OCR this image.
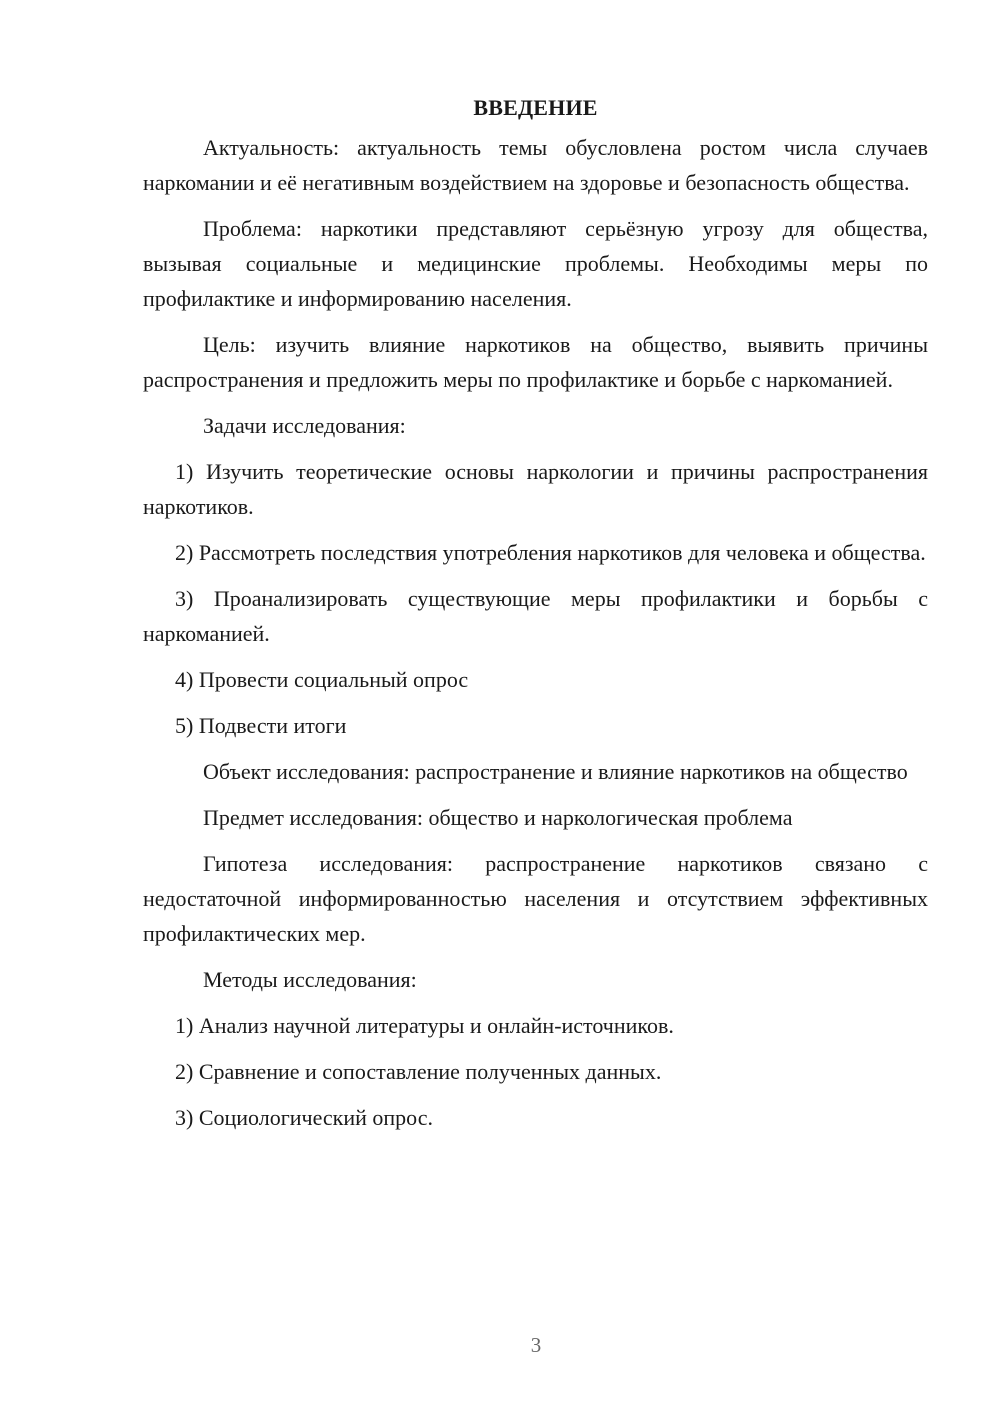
ВВЕДЕНИЕ

Актуальность: актуальность темы обусловлена ростом числа случаев наркомании и её негативным воздействием на здоровье и безопасность общества.

Проблема: наркотики представляют серьёзную угрозу для общества, вызывая социальные и медицинские проблемы. Необходимы меры по профилактике и информированию населения.

Цель: изучить влияние наркотиков на общество, выявить причины распространения и предложить меры по профилактике и борьбе с наркоманией.

Задачи исследования:

1) Изучить теоретические основы наркологии и причины распространения наркотиков.

2) Рассмотреть последствия употребления наркотиков для человека и общества.

3) Проанализировать существующие меры профилактики и борьбы с наркоманией.

4) Провести социальный опрос

5) Подвести итоги

Объект исследования: распространение и влияние наркотиков на общество

Предмет исследования: общество и наркологическая проблема

Гипотеза исследования: распространение наркотиков связано с недостаточной информированностью населения и отсутствием эффективных профилактических мер.

Методы исследования:

1) Анализ научной литературы и онлайн-источников.

2) Сравнение и сопоставление полученных данных.

3) Социологический опрос.

3
